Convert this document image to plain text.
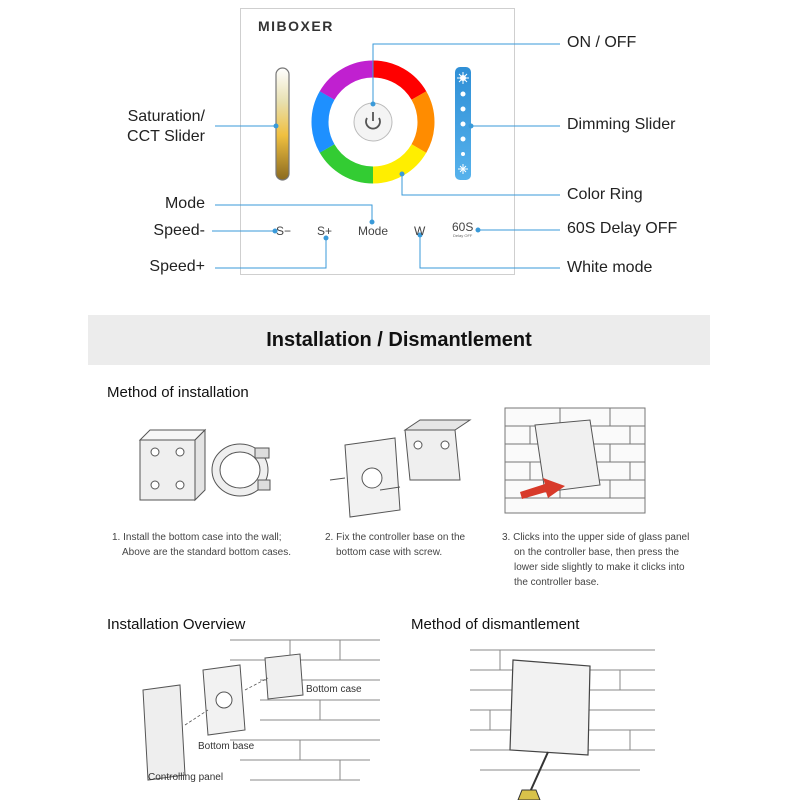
MIBOXER
S− S+ Mode W 60S
Delay OFF
ON / OFF
Dimming Slider
Color Ring
60S Delay OFF
White mode
Saturation/
CCT Slider
Mode
Speed-
Speed+
Installation / Dismantlement
Method of installation
1. Install the bottom case into the wall;
Above are the standard bottom cases.
2. Fix the controller base on the
bottom case with screw.
3. Clicks into the upper side of glass panel
on the controller base, then press the
lower side slightly to make it clicks into
the controller base.
Installation Overview
Bottom case
Bottom base
Controlling panel
Method of dismantlement
